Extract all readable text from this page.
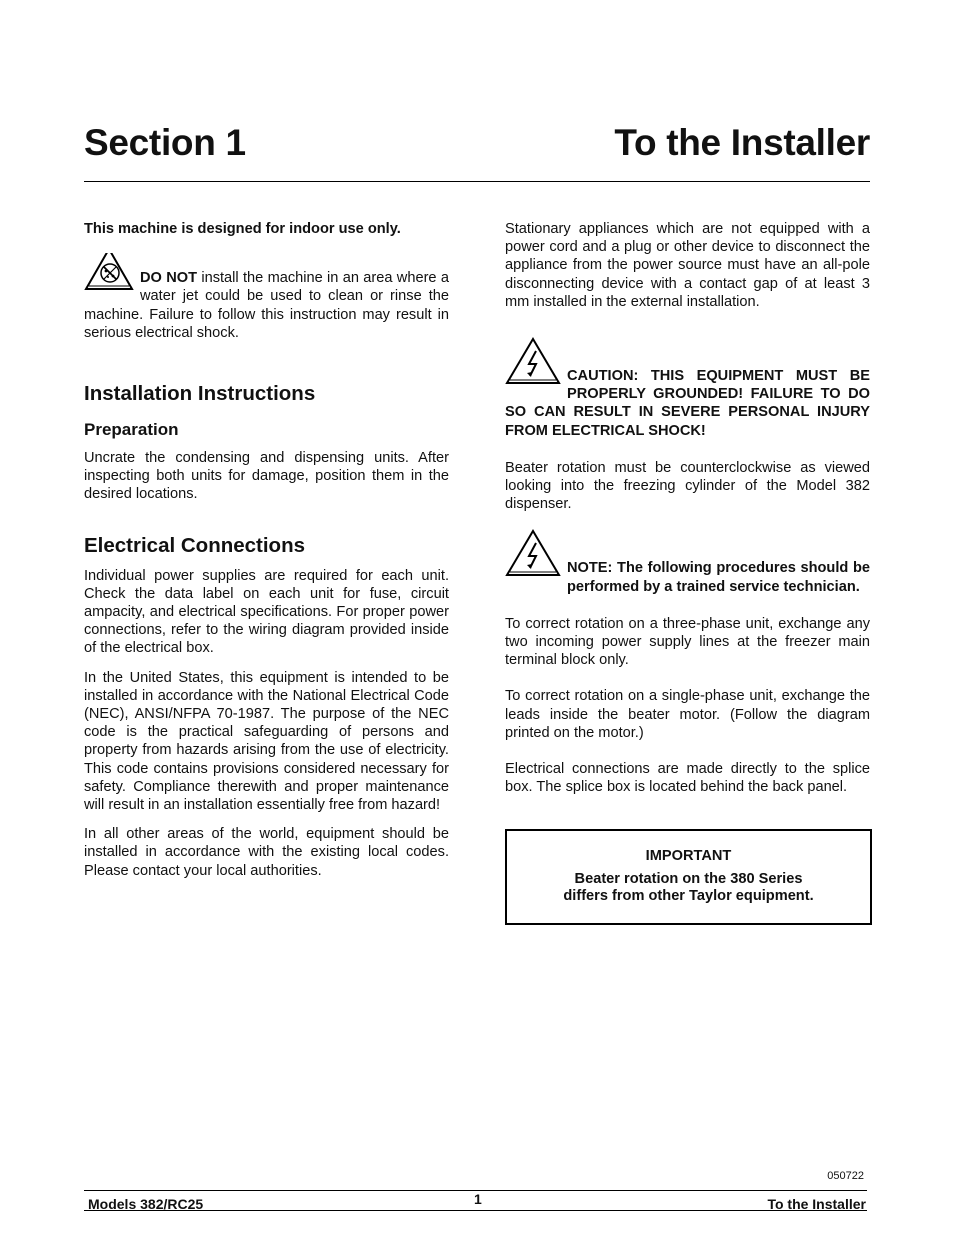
Section 1	To the Installer

This machine is designed for indoor use only.

DO NOT install the machine in an area where a water jet could be used to clean or rinse the machine. Failure to follow this instruction may result in serious electrical shock.

Installation Instructions
Preparation

Uncrate the condensing and dispensing units. After inspecting both units for damage, position them in the desired locations.

Electrical Connections

Individual power supplies are required for each unit. Check the data label on each unit for fuse, circuit ampacity, and electrical specifications. For proper power connections, refer to the wiring diagram provided inside of the electrical box.

In the United States, this equipment is intended to be installed in accordance with the National Electrical Code (NEC), ANSI/NFPA 70-1987. The purpose of the NEC code is the practical safeguarding of persons and property from hazards arising from the use of electricity. This code contains provisions considered necessary for safety. Compliance therewith and proper maintenance will result in an installation essentially free from hazard!

In all other areas of the world, equipment should be installed in accordance with the existing local codes. Please contact your local authorities.

Stationary appliances which are not equipped with a power cord and a plug or other device to disconnect the appliance from the power source must have an all-pole disconnecting device with a contact gap of at least 3 mm installed in the external installation.

CAUTION: THIS EQUIPMENT MUST BE PROPERLY GROUNDED! FAILURE TO DO SO CAN RESULT IN SEVERE PERSONAL INJURY FROM ELECTRICAL SHOCK!

Beater rotation must be counterclockwise as viewed looking into the freezing cylinder of the Model 382 dispenser.

NOTE: The following procedures should be performed by a trained service technician.

To correct rotation on a three-phase unit, exchange any two incoming power supply lines at the freezer main terminal block only.

To correct rotation on a single-phase unit, exchange the leads inside the beater motor. (Follow the diagram printed on the motor.)

Electrical connections are made directly to the splice box. The splice box is located behind the back panel.

IMPORTANT
Beater rotation on the 380 Series
differs from other Taylor equipment.
050722
Models 382/RC25	1	To the Installer
